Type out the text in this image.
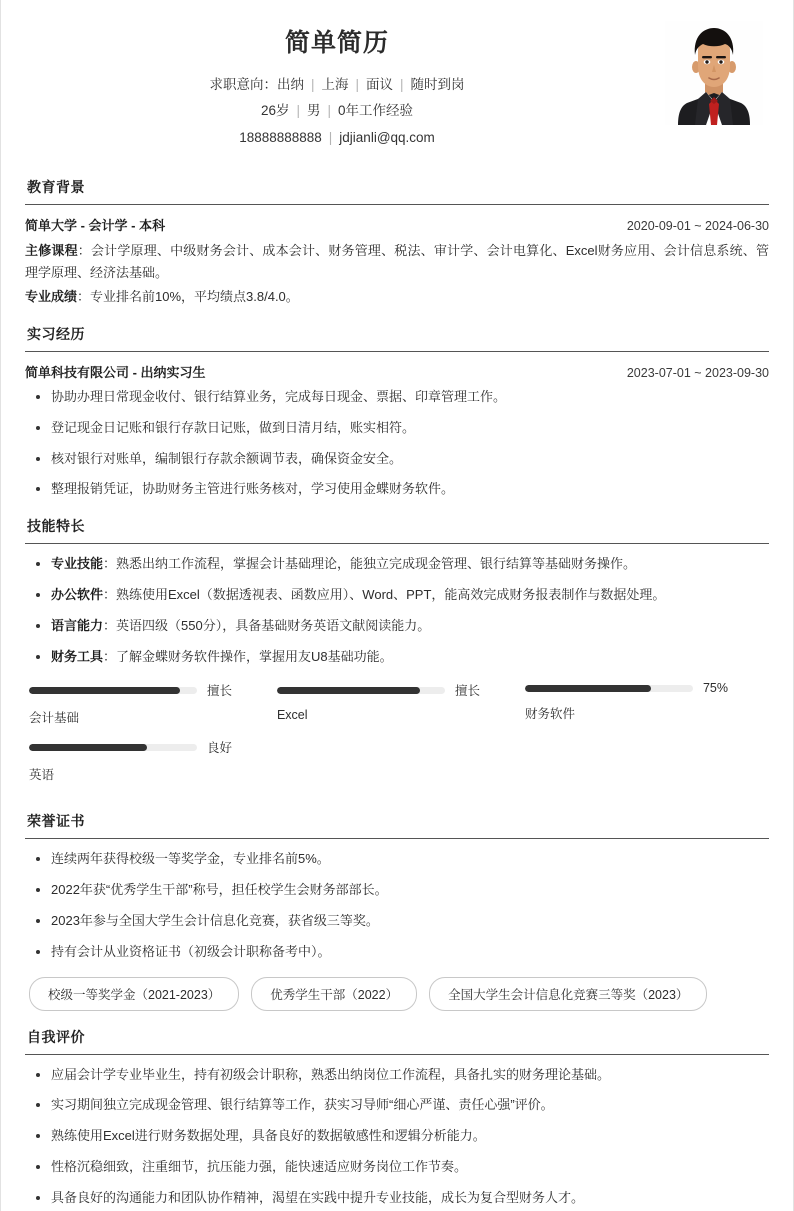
简单简历
求职意向：出纳 | 上海 | 面议 | 随时到岗
26岁 | 男 | 0年工作经验
18888888888 | jdjianli@qq.com
教育背景
简单大学 - 会计学 - 本科	2020-09-01 ~ 2024-06-30

主修课程：会计学原理、中级财务会计、成本会计、财务管理、税法、审计学、会计电算化、Excel财务应用、会计信息系统、管理学原理、经济法基础。

专业成绩：专业排名前10%，平均绩点3.8/4.0。

实习经历
简单科技有限公司 - 出纳实习生	2023-07-01 ~ 2023-09-30
协助办理日常现金收付、银行结算业务，完成每日现金、票据、印章管理工作。
登记现金日记账和银行存款日记账，做到日清月结，账实相符。
核对银行对账单，编制银行存款余额调节表，确保资金安全。
整理报销凭证，协助财务主管进行账务核对，学习使用金蝶财务软件。
技能特长
专业技能：熟悉出纳工作流程，掌握会计基础理论，能独立完成现金管理、银行结算等基础财务操作。
办公软件：熟练使用Excel（数据透视表、函数应用）、Word、PPT，能高效完成财务报表制作与数据处理。
语言能力：英语四级（550分），具备基础财务英语文献阅读能力。
财务工具：了解金蝶财务软件操作，掌握用友U8基础功能。
擅长
会计基础
擅长
Excel
75%
财务软件
良好
英语
荣誉证书
连续两年获得校级一等奖学金，专业排名前5%。
2022年获“优秀学生干部”称号，担任校学生会财务部部长。
2023年参与全国大学生会计信息化竞赛，获省级三等奖。
持有会计从业资格证书（初级会计职称备考中）。
校级一等奖学金（2021-2023）	优秀学生干部（2022）	全国大学生会计信息化竞赛三等奖（2023）
自我评价
应届会计学专业毕业生，持有初级会计职称，熟悉出纳岗位工作流程，具备扎实的财务理论基础。
实习期间独立完成现金管理、银行结算等工作，获实习导师“细心严谨、责任心强”评价。
熟练使用Excel进行财务数据处理，具备良好的数据敏感性和逻辑分析能力。
性格沉稳细致，注重细节，抗压能力强，能快速适应财务岗位工作节奏。
具备良好的沟通能力和团队协作精神，渴望在实践中提升专业技能，成长为复合型财务人才。
